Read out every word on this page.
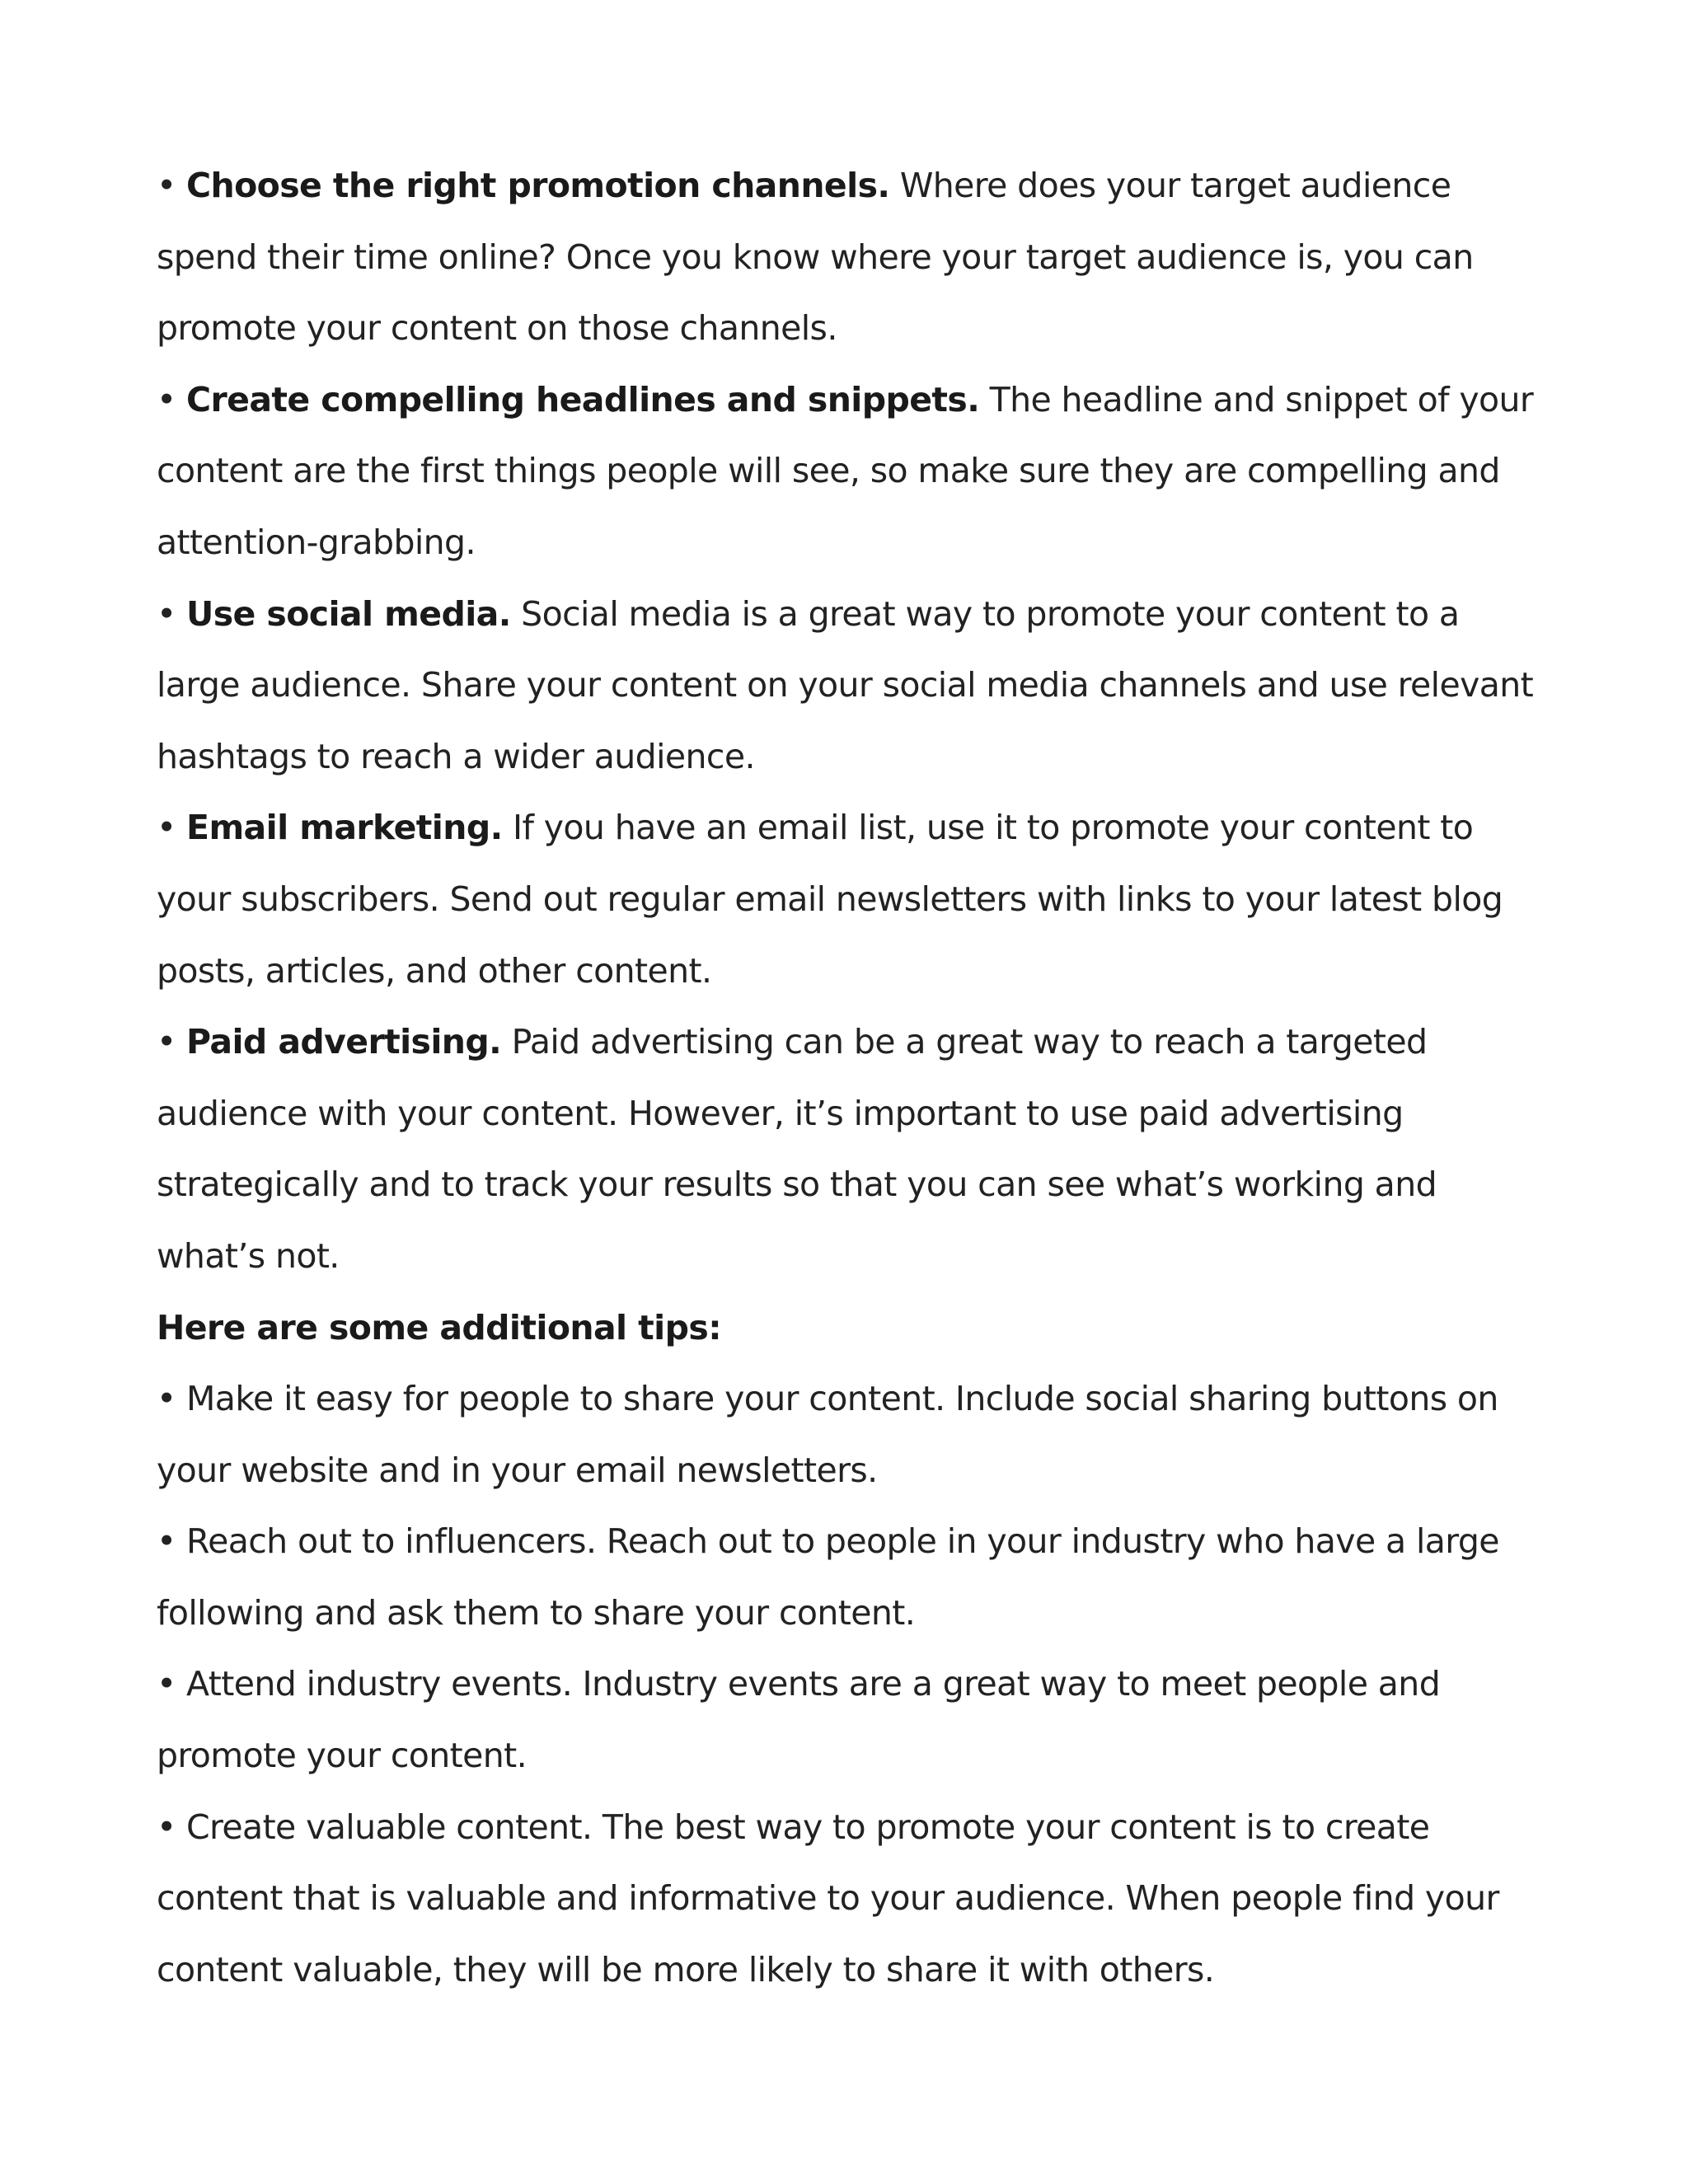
• Choose the right promotion channels. Where does your target audience spend their time online? Once you know where your target audience is, you can promote your content on those channels.

• Create compelling headlines and snippets. The headline and snippet of your content are the first things people will see, so make sure they are compelling and attention-grabbing.

• Use social media. Social media is a great way to promote your content to a large audience. Share your content on your social media channels and use relevant hashtags to reach a wider audience.

• Email marketing. If you have an email list, use it to promote your content to your subscribers. Send out regular email newsletters with links to your latest blog posts, articles, and other content.

• Paid advertising. Paid advertising can be a great way to reach a targeted audience with your content. However, it’s important to use paid advertising strategically and to track your results so that you can see what’s working and what’s not.

Here are some additional tips:

• Make it easy for people to share your content. Include social sharing buttons on your website and in your email newsletters.

• Reach out to influencers. Reach out to people in your industry who have a large following and ask them to share your content.

• Attend industry events. Industry events are a great way to meet people and promote your content.

• Create valuable content. The best way to promote your content is to create content that is valuable and informative to your audience. When people find your content valuable, they will be more likely to share it with others.
